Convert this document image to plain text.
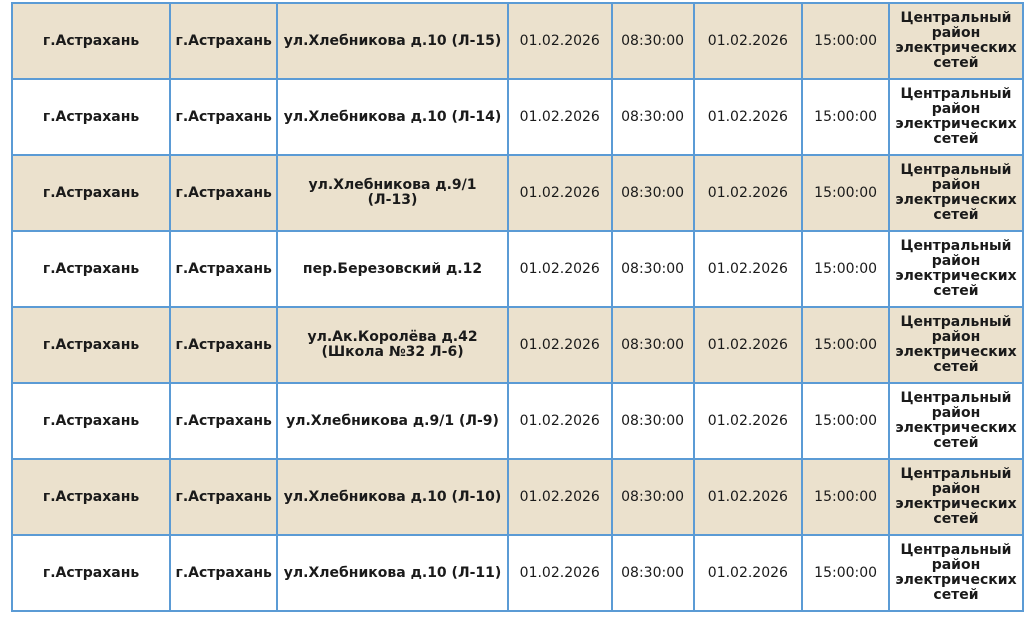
г.Астрахань	г.Астрахань	ул.Хлебникова д.10 (Л-15)	01.02.2026	08:30:00	01.02.2026	15:00:00	Центральный район электрических сетей
г.Астрахань	г.Астрахань	ул.Хлебникова д.10 (Л-14)	01.02.2026	08:30:00	01.02.2026	15:00:00	Центральный район электрических сетей
г.Астрахань	г.Астрахань	ул.Хлебникова д.9/1 (Л-13)	01.02.2026	08:30:00	01.02.2026	15:00:00	Центральный район электрических сетей
г.Астрахань	г.Астрахань	пер.Березовский д.12	01.02.2026	08:30:00	01.02.2026	15:00:00	Центральный район электрических сетей
г.Астрахань	г.Астрахань	ул.Ак.Королёва д.42 (Школа №32 Л-6)	01.02.2026	08:30:00	01.02.2026	15:00:00	Центральный район электрических сетей
г.Астрахань	г.Астрахань	ул.Хлебникова д.9/1 (Л-9)	01.02.2026	08:30:00	01.02.2026	15:00:00	Центральный район электрических сетей
г.Астрахань	г.Астрахань	ул.Хлебникова д.10 (Л-10)	01.02.2026	08:30:00	01.02.2026	15:00:00	Центральный район электрических сетей
г.Астрахань	г.Астрахань	ул.Хлебникова д.10 (Л-11)	01.02.2026	08:30:00	01.02.2026	15:00:00	Центральный район электрических сетей
